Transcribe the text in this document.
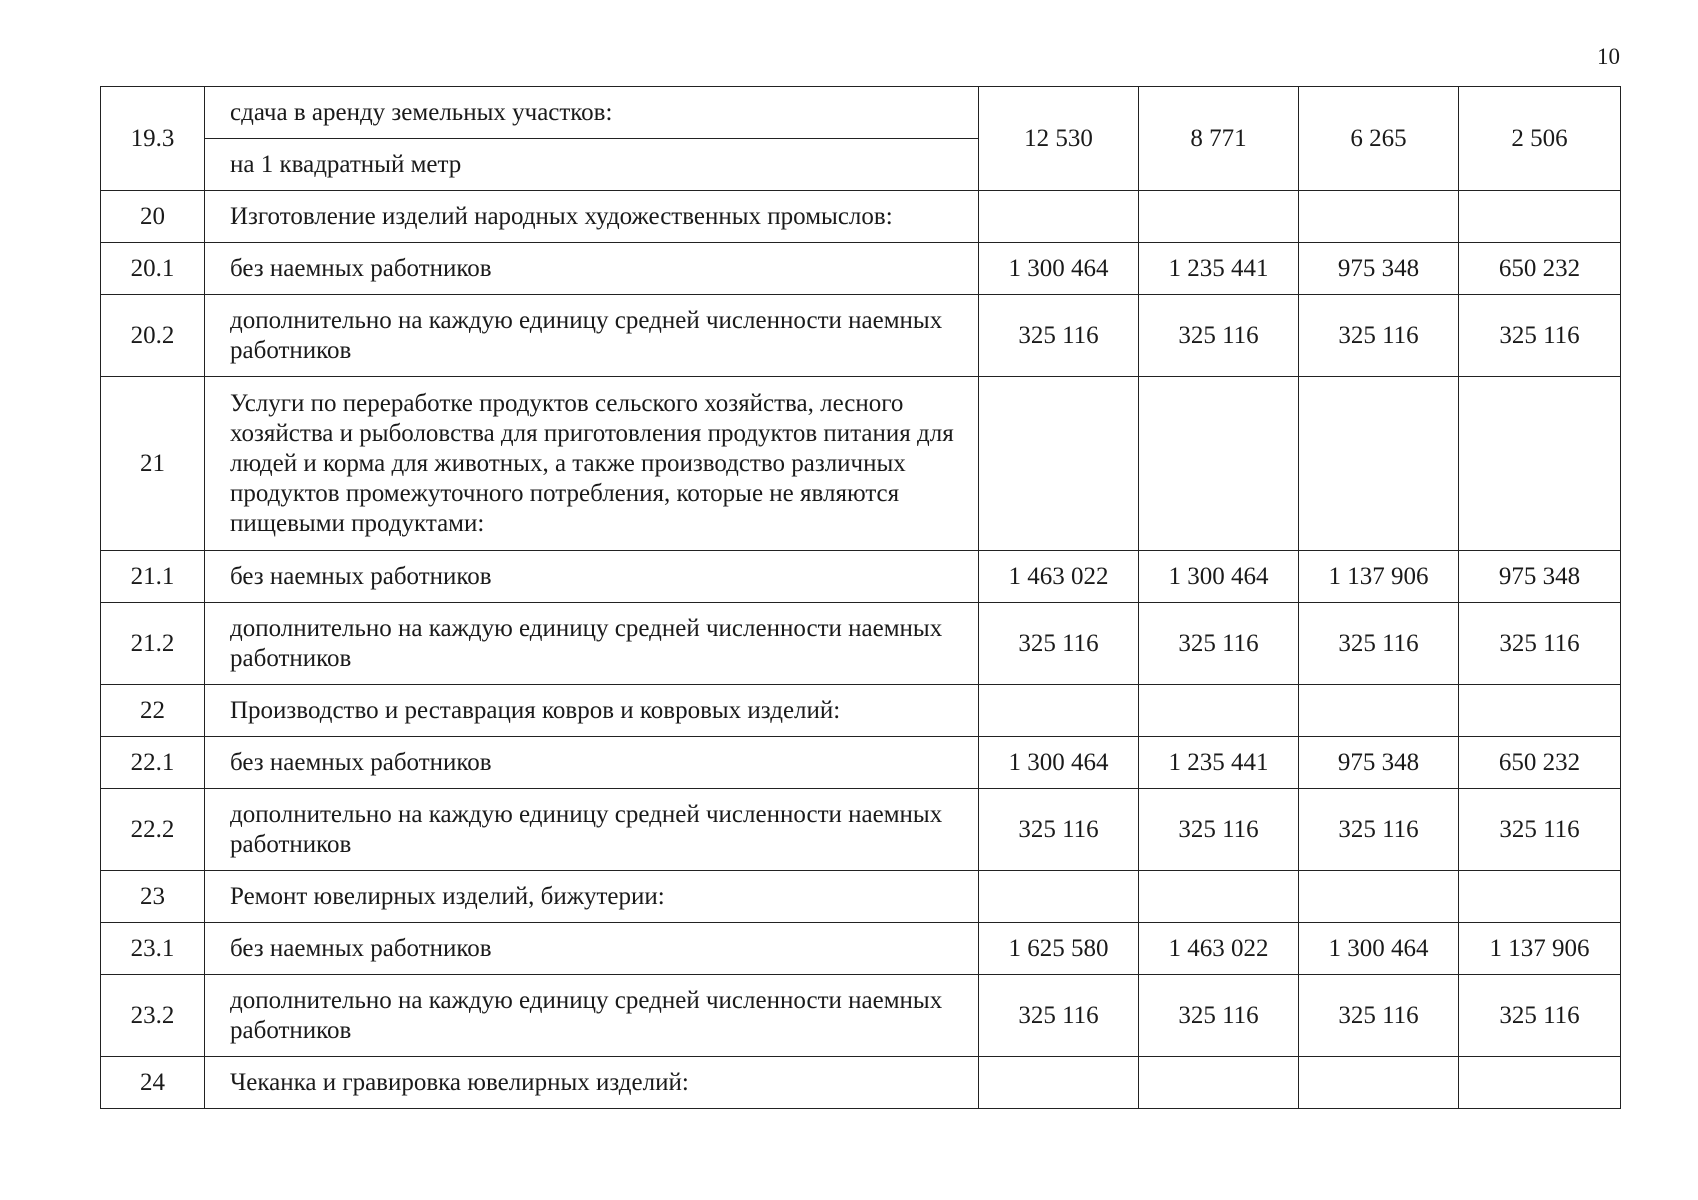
10
19.3	сдача в аренду земельных участков:	12 530	8 771	6 265	2 506
	на 1 квадратный метр				
20	Изготовление изделий народных художественных промыслов:				
20.1	без наемных работников	1 300 464	1 235 441	975 348	650 232
20.2	дополнительно на каждую единицу средней численности наемных работников	325 116	325 116	325 116	325 116
21	Услуги по переработке продуктов сельского хозяйства, лесного хозяйства и рыболовства для приготовления продуктов питания для людей и корма для животных, а также производство различных продуктов промежуточного потребления, которые не являются пищевыми продуктами:				
21.1	без наемных работников	1 463 022	1 300 464	1 137 906	975 348
21.2	дополнительно на каждую единицу средней численности наемных работников	325 116	325 116	325 116	325 116
22	Производство и реставрация ковров и ковровых изделий:				
22.1	без наемных работников	1 300 464	1 235 441	975 348	650 232
22.2	дополнительно на каждую единицу средней численности наемных работников	325 116	325 116	325 116	325 116
23	Ремонт ювелирных изделий, бижутерии:				
23.1	без наемных работников	1 625 580	1 463 022	1 300 464	1 137 906
23.2	дополнительно на каждую единицу средней численности наемных работников	325 116	325 116	325 116	325 116
24	Чеканка и гравировка ювелирных изделий:				
